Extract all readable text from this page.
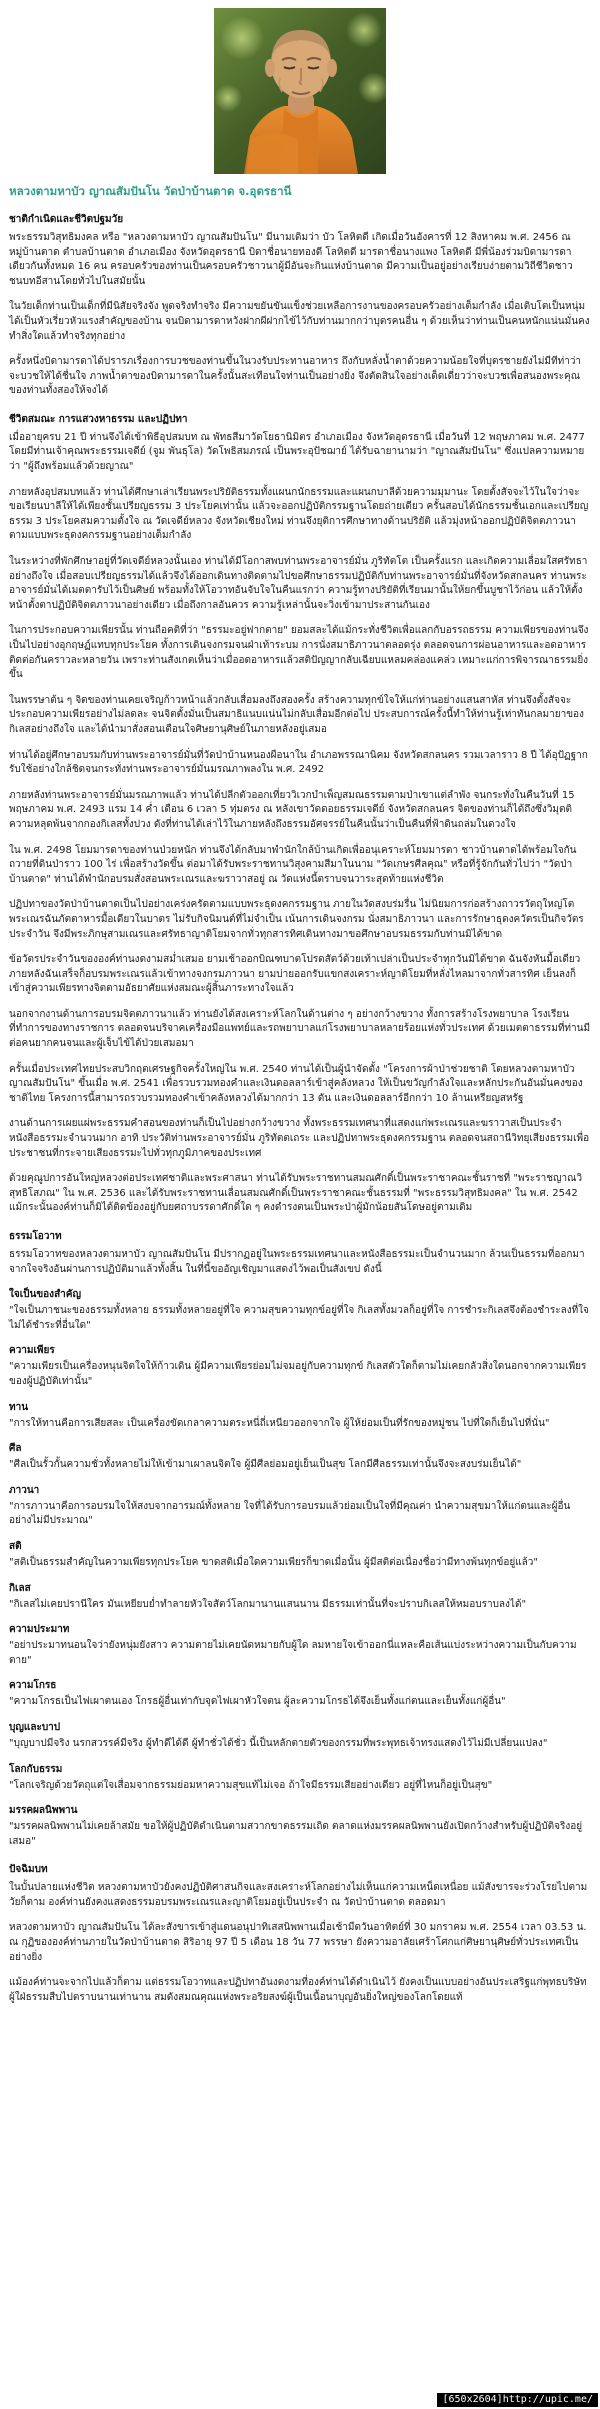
หลวงตามหาบัว ญาณสัมปันโน วัดป่าบ้านตาด จ.อุดรธานี
ชาติกำเนิดและชีวิตปฐมวัย

พระธรรมวิสุทธิมงคล หรือ "หลวงตามหาบัว ญาณสัมปันโน" มีนามเดิมว่า บัว โลหิตดี เกิดเมื่อวันอังคารที่ 12 สิงหาคม พ.ศ. 2456 ณ หมู่บ้านตาด ตำบลบ้านตาด อำเภอเมือง จังหวัดอุดรธานี บิดาชื่อนายทองดี โลหิตดี มารดาชื่อนางแพง โลหิตดี มีพี่น้องร่วมบิดามารดาเดียวกันทั้งหมด 16 คน ครอบครัวของท่านเป็นครอบครัวชาวนาผู้มีอันจะกินแห่งบ้านตาด มีความเป็นอยู่อย่างเรียบง่ายตามวิถีชีวิตชาวชนบทอีสานโดยทั่วไปในสมัยนั้น

ในวัยเด็กท่านเป็นเด็กที่มีนิสัยจริงจัง พูดจริงทำจริง มีความขยันขันแข็งช่วยเหลือการงานของครอบครัวอย่างเต็มกำลัง เมื่อเติบโตเป็นหนุ่มได้เป็นหัวเรี่ยวหัวแรงสำคัญของบ้าน จนบิดามารดาหวังฝากผีฝากไข้ไว้กับท่านมากกว่าบุตรคนอื่น ๆ ด้วยเห็นว่าท่านเป็นคนหนักแน่นมั่นคง ทำสิ่งใดแล้วทำจริงทุกอย่าง

ครั้งหนึ่งบิดามารดาได้ปรารภเรื่องการบวชของท่านขึ้นในวงรับประทานอาหาร ถึงกับหลั่งน้ำตาด้วยความน้อยใจที่บุตรชายยังไม่มีทีท่าว่าจะบวชให้ได้ชื่นใจ ภาพน้ำตาของบิดามารดาในครั้งนั้นสะเทือนใจท่านเป็นอย่างยิ่ง จึงตัดสินใจอย่างเด็ดเดี่ยวว่าจะบวชเพื่อสนองพระคุณของท่านทั้งสองให้จงได้

ชีวิตสมณะ การแสวงหาธรรม และปฏิปทา

เมื่ออายุครบ 21 ปี ท่านจึงได้เข้าพิธีอุปสมบท ณ พัทธสีมาวัดโยธานิมิตร อำเภอเมือง จังหวัดอุดรธานี เมื่อวันที่ 12 พฤษภาคม พ.ศ. 2477 โดยมีท่านเจ้าคุณพระธรรมเจดีย์ (จูม พันธุโล) วัดโพธิสมภรณ์ เป็นพระอุปัชฌาย์ ได้รับฉายานามว่า "ญาณสัมปันโน" ซึ่งแปลความหมายว่า "ผู้ถึงพร้อมแล้วด้วยญาณ"

ภายหลังอุปสมบทแล้ว ท่านได้ศึกษาเล่าเรียนพระปริยัติธรรมทั้งแผนกนักธรรมและแผนกบาลีด้วยความมุมานะ โดยตั้งสัจจะไว้ในใจว่าจะขอเรียนบาลีให้ได้เพียงชั้นเปรียญธรรม 3 ประโยคเท่านั้น แล้วจะออกปฏิบัติกรรมฐานโดยถ่ายเดียว ครั้นสอบได้นักธรรมชั้นเอกและเปรียญธรรม 3 ประโยคสมความตั้งใจ ณ วัดเจดีย์หลวง จังหวัดเชียงใหม่ ท่านจึงยุติการศึกษาทางด้านปริยัติ แล้วมุ่งหน้าออกปฏิบัติจิตตภาวนาตามแบบพระธุดงคกรรมฐานอย่างเต็มกำลัง

ในระหว่างที่พักศึกษาอยู่ที่วัดเจดีย์หลวงนั้นเอง ท่านได้มีโอกาสพบท่านพระอาจารย์มั่น ภูริทัตโต เป็นครั้งแรก และเกิดความเลื่อมใสศรัทธาอย่างถึงใจ เมื่อสอบเปรียญธรรมได้แล้วจึงได้ออกเดินทางติดตามไปขอศึกษาธรรมปฏิบัติกับท่านพระอาจารย์มั่นที่จังหวัดสกลนคร ท่านพระอาจารย์มั่นได้เมตตารับไว้เป็นศิษย์ พร้อมทั้งให้โอวาทอันจับใจในคืนแรกว่า ความรู้ทางปริยัติที่เรียนมานั้นให้ยกขึ้นบูชาไว้ก่อน แล้วให้ตั้งหน้าตั้งตาปฏิบัติจิตตภาวนาอย่างเดียว เมื่อถึงกาลอันควร ความรู้เหล่านั้นจะวิ่งเข้ามาประสานกันเอง

ในการประกอบความเพียรนั้น ท่านถือคติที่ว่า "ธรรมะอยู่ฟากตาย" ยอมสละได้แม้กระทั่งชีวิตเพื่อแลกกับอรรถธรรม ความเพียรของท่านจึงเป็นไปอย่างอุกฤษฏ์แทบทุกประโยค ทั้งการเดินจงกรมจนฝ่าเท้าระบม การนั่งสมาธิภาวนาตลอดรุ่ง ตลอดจนการผ่อนอาหารและอดอาหารติดต่อกันคราวละหลายวัน เพราะท่านสังเกตเห็นว่าเมื่ออดอาหารแล้วสติปัญญากลับเฉียบแหลมคล่องแคล่ว เหมาะแก่การพิจารณาธรรมยิ่งขึ้น

ในพรรษาต้น ๆ จิตของท่านเคยเจริญก้าวหน้าแล้วกลับเสื่อมลงถึงสองครั้ง สร้างความทุกข์ใจให้แก่ท่านอย่างแสนสาหัส ท่านจึงตั้งสัจจะประกอบความเพียรอย่างไม่ลดละ จนจิตตั้งมั่นเป็นสมาธิแนบแน่นไม่กลับเสื่อมอีกต่อไป ประสบการณ์ครั้งนี้ทำให้ท่านรู้เท่าทันกลมายาของกิเลสอย่างถึงใจ และได้นำมาสั่งสอนเตือนใจศิษยานุศิษย์ในภายหลังอยู่เสมอ

ท่านได้อยู่ศึกษาอบรมกับท่านพระอาจารย์มั่นที่วัดป่าบ้านหนองผือนาใน อำเภอพรรณานิคม จังหวัดสกลนคร รวมเวลาราว 8 ปี ได้อุปัฏฐากรับใช้อย่างใกล้ชิดจนกระทั่งท่านพระอาจารย์มั่นมรณภาพลงใน พ.ศ. 2492

ภายหลังท่านพระอาจารย์มั่นมรณภาพแล้ว ท่านได้ปลีกตัวออกเที่ยววิเวกบำเพ็ญสมณธรรมตามป่าเขาแต่ลำพัง จนกระทั่งในคืนวันที่ 15 พฤษภาคม พ.ศ. 2493 แรม 14 ค่ำ เดือน 6 เวลา 5 ทุ่มตรง ณ หลังเขาวัดดอยธรรมเจดีย์ จังหวัดสกลนคร จิตของท่านก็ได้ถึงซึ่งวิมุตติความหลุดพ้นจากกองกิเลสทั้งปวง ดังที่ท่านได้เล่าไว้ในภายหลังถึงธรรมอัศจรรย์ในคืนนั้นว่าเป็นคืนที่ฟ้าดินถล่มในดวงใจ

ใน พ.ศ. 2498 โยมมารดาของท่านป่วยหนัก ท่านจึงได้กลับมาพำนักใกล้บ้านเกิดเพื่ออนุเคราะห์โยมมารดา ชาวบ้านตาดได้พร้อมใจกันถวายที่ดินป่าราว 100 ไร่ เพื่อสร้างวัดขึ้น ต่อมาได้รับพระราชทานวิสุงคามสีมาในนาม "วัดเกษรศีลคุณ" หรือที่รู้จักกันทั่วไปว่า "วัดป่าบ้านตาด" ท่านได้พำนักอบรมสั่งสอนพระเณรและฆราวาสอยู่ ณ วัดแห่งนี้ตราบจนวาระสุดท้ายแห่งชีวิต

ปฏิปทาของวัดป่าบ้านตาดเป็นไปอย่างเคร่งครัดตามแบบพระธุดงคกรรมฐาน ภายในวัดสงบร่มรื่น ไม่นิยมการก่อสร้างถาวรวัตถุใหญ่โต พระเณรฉันภัตตาหารมื้อเดียวในบาตร ไม่รับกิจนิมนต์ที่ไม่จำเป็น เน้นการเดินจงกรม นั่งสมาธิภาวนา และการรักษาธุดงควัตรเป็นกิจวัตรประจำวัน จึงมีพระภิกษุสามเณรและศรัทธาญาติโยมจากทั่วทุกสารทิศเดินทางมาขอศึกษาอบรมธรรมกับท่านมิได้ขาด

ข้อวัตรประจำวันขององค์ท่านงดงามสม่ำเสมอ ยามเช้าออกบิณฑบาตโปรดสัตว์ด้วยเท้าเปล่าเป็นประจำทุกวันมิได้ขาด ฉันจังหันมื้อเดียว ภายหลังฉันเสร็จก็อบรมพระเณรแล้วเข้าทางจงกรมภาวนา ยามบ่ายออกรับแขกสงเคราะห์ญาติโยมที่หลั่งไหลมาจากทั่วสารทิศ เย็นลงก็เข้าสู่ความเพียรทางจิตตามอัธยาศัยแห่งสมณะผู้สิ้นภาระทางใจแล้ว

นอกจากงานด้านการอบรมจิตตภาวนาแล้ว ท่านยังได้สงเคราะห์โลกในด้านต่าง ๆ อย่างกว้างขวาง ทั้งการสร้างโรงพยาบาล โรงเรียน ที่ทำการของทางราชการ ตลอดจนบริจาคเครื่องมือแพทย์และรถพยาบาลแก่โรงพยาบาลหลายร้อยแห่งทั่วประเทศ ด้วยเมตตาธรรมที่ท่านมีต่อคนยากคนจนและผู้เจ็บไข้ได้ป่วยเสมอมา

ครั้นเมื่อประเทศไทยประสบวิกฤตเศรษฐกิจครั้งใหญ่ใน พ.ศ. 2540 ท่านได้เป็นผู้นำจัดตั้ง "โครงการผ้าป่าช่วยชาติ โดยหลวงตามหาบัว ญาณสัมปันโน" ขึ้นเมื่อ พ.ศ. 2541 เพื่อรวบรวมทองคำและเงินดอลลาร์เข้าสู่คลังหลวง ให้เป็นขวัญกำลังใจและหลักประกันอันมั่นคงของชาติไทย โครงการนี้สามารถรวบรวมทองคำเข้าคลังหลวงได้มากกว่า 13 ตัน และเงินดอลลาร์อีกกว่า 10 ล้านเหรียญสหรัฐ

งานด้านการเผยแผ่พระธรรมคำสอนของท่านก็เป็นไปอย่างกว้างขวาง ทั้งพระธรรมเทศนาที่แสดงแก่พระเณรและฆราวาสเป็นประจำ หนังสือธรรมะจำนวนมาก อาทิ ประวัติท่านพระอาจารย์มั่น ภูริทัตตเถระ และปฏิปทาพระธุดงคกรรมฐาน ตลอดจนสถานีวิทยุเสียงธรรมเพื่อประชาชนที่กระจายเสียงธรรมะไปทั่วทุกภูมิภาคของประเทศ

ด้วยคุณูปการอันใหญ่หลวงต่อประเทศชาติและพระศาสนา ท่านได้รับพระราชทานสมณศักดิ์เป็นพระราชาคณะชั้นราชที่ "พระราชญาณวิสุทธิโสภณ" ใน พ.ศ. 2536 และได้รับพระราชทานเลื่อนสมณศักดิ์เป็นพระราชาคณะชั้นธรรมที่ "พระธรรมวิสุทธิมงคล" ใน พ.ศ. 2542 แม้กระนั้นองค์ท่านก็มิได้ติดข้องอยู่กับยศถาบรรดาศักดิ์ใด ๆ คงดำรงตนเป็นพระป่าผู้มักน้อยสันโดษอยู่ตามเดิม

ธรรมโอวาท

ธรรมโอวาทของหลวงตามหาบัว ญาณสัมปันโน มีปรากฏอยู่ในพระธรรมเทศนาและหนังสือธรรมะเป็นจำนวนมาก ล้วนเป็นธรรมที่ออกมาจากใจจริงอันผ่านการปฏิบัติมาแล้วทั้งสิ้น ในที่นี้ขออัญเชิญมาแสดงไว้พอเป็นสังเขป ดังนี้

ใจเป็นของสำคัญ

"ใจเป็นภาชนะของธรรมทั้งหลาย ธรรมทั้งหลายอยู่ที่ใจ ความสุขความทุกข์อยู่ที่ใจ กิเลสทั้งมวลก็อยู่ที่ใจ การชำระกิเลสจึงต้องชำระลงที่ใจ ไม่ได้ชำระที่อื่นใด"

ความเพียร

"ความเพียรเป็นเครื่องหนุนจิตใจให้ก้าวเดิน ผู้มีความเพียรย่อมไม่จมอยู่กับความทุกข์ กิเลสตัวใดก็ตามไม่เคยกลัวสิ่งใดนอกจากความเพียรของผู้ปฏิบัติเท่านั้น"

ทาน

"การให้ทานคือการเสียสละ เป็นเครื่องขัดเกลาความตระหนี่ถี่เหนียวออกจากใจ ผู้ให้ย่อมเป็นที่รักของหมู่ชน ไปที่ใดก็เย็นไปที่นั่น"

ศีล

"ศีลเป็นรั้วกั้นความชั่วทั้งหลายไม่ให้เข้ามาเผาลนจิตใจ ผู้มีศีลย่อมอยู่เย็นเป็นสุข โลกมีศีลธรรมเท่านั้นจึงจะสงบร่มเย็นได้"

ภาวนา

"การภาวนาคือการอบรมใจให้สงบจากอารมณ์ทั้งหลาย ใจที่ได้รับการอบรมแล้วย่อมเป็นใจที่มีคุณค่า นำความสุขมาให้แก่ตนและผู้อื่นอย่างไม่มีประมาณ"

สติ

"สติเป็นธรรมสำคัญในความเพียรทุกประโยค ขาดสติเมื่อใดความเพียรก็ขาดเมื่อนั้น ผู้มีสติต่อเนื่องชื่อว่ามีทางพ้นทุกข์อยู่แล้ว"

กิเลส

"กิเลสไม่เคยปรานีใคร มันเหยียบย่ำทำลายหัวใจสัตว์โลกมานานแสนนาน มีธรรมเท่านั้นที่จะปราบกิเลสให้หมอบราบลงได้"

ความประมาท

"อย่าประมาทนอนใจว่ายังหนุ่มยังสาว ความตายไม่เคยนัดหมายกับผู้ใด ลมหายใจเข้าออกนี่แหละคือเส้นแบ่งระหว่างความเป็นกับความตาย"

ความโกรธ

"ความโกรธเป็นไฟเผาตนเอง โกรธผู้อื่นเท่ากับจุดไฟเผาหัวใจตน ผู้ละความโกรธได้จึงเย็นทั้งแก่ตนและเย็นทั้งแก่ผู้อื่น"

บุญและบาป

"บุญบาปมีจริง นรกสวรรค์มีจริง ผู้ทำดีได้ดี ผู้ทำชั่วได้ชั่ว นี้เป็นหลักตายตัวของกรรมที่พระพุทธเจ้าทรงแสดงไว้ไม่มีเปลี่ยนแปลง"

โลกกับธรรม

"โลกเจริญด้วยวัตถุแต่ใจเสื่อมจากธรรมย่อมหาความสุขแท้ไม่เจอ ถ้าใจมีธรรมเสียอย่างเดียว อยู่ที่ไหนก็อยู่เป็นสุข"

มรรคผลนิพพาน

"มรรคผลนิพพานไม่เคยล้าสมัย ขอให้ผู้ปฏิบัติดำเนินตามสวากขาตธรรมเถิด ตลาดแห่งมรรคผลนิพพานยังเปิดกว้างสำหรับผู้ปฏิบัติจริงอยู่เสมอ"

ปัจฉิมบท

ในบั้นปลายแห่งชีวิต หลวงตามหาบัวยังคงปฏิบัติศาสนกิจและสงเคราะห์โลกอย่างไม่เห็นแก่ความเหน็ดเหนื่อย แม้สังขารจะร่วงโรยไปตามวัยก็ตาม องค์ท่านยังคงแสดงธรรมอบรมพระเณรและญาติโยมอยู่เป็นประจำ ณ วัดป่าบ้านตาด ตลอดมา

หลวงตามหาบัว ญาณสัมปันโน ได้ละสังขารเข้าสู่แดนอนุปาทิเสสนิพพานเมื่อเช้ามืดวันอาทิตย์ที่ 30 มกราคม พ.ศ. 2554 เวลา 03.53 น. ณ กุฏิขององค์ท่านภายในวัดป่าบ้านตาด สิริอายุ 97 ปี 5 เดือน 18 วัน 77 พรรษา ยังความอาลัยเศร้าโศกแก่ศิษยานุศิษย์ทั่วประเทศเป็นอย่างยิ่ง

แม้องค์ท่านจะจากไปแล้วก็ตาม แต่ธรรมโอวาทและปฏิปทาอันงดงามที่องค์ท่านได้ดำเนินไว้ ยังคงเป็นแบบอย่างอันประเสริฐแก่พุทธบริษัทผู้ใฝ่ธรรมสืบไปตราบนานเท่านาน สมดังสมณคุณแห่งพระอริยสงฆ์ผู้เป็นเนื้อนาบุญอันยิ่งใหญ่ของโลกโดยแท้

[650x2604]http://upic.me/
